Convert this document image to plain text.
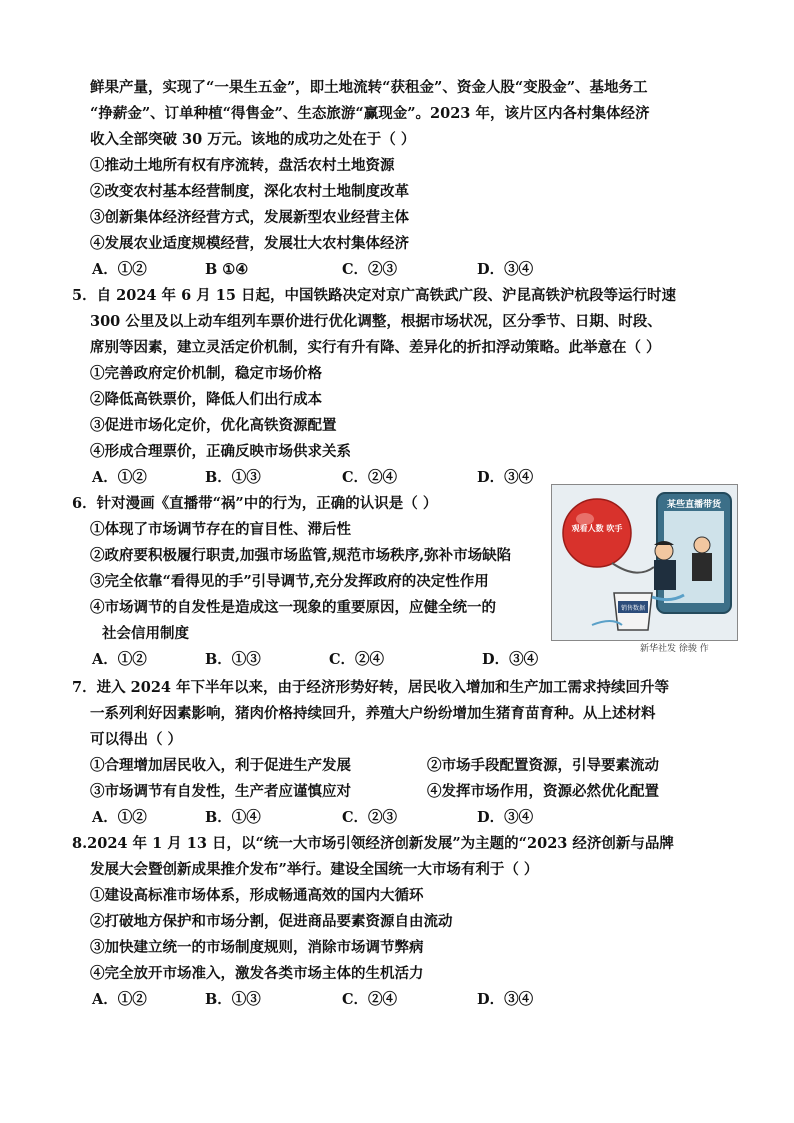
鲜果产量，实现了“一果生五金”，即土地流转“获租金”、资金人股“变股金”、基地务工
“挣薪金”、订单种植“得售金”、生态旅游“赢现金”。2023 年，该片区内各村集体经济
收入全部突破 30 万元。该地的成功之处在于（ ）
①推动土地所有权有序流转，盘活农村土地资源
②改变农村基本经营制度，深化农村土地制度改革
③创新集体经济经营方式，发展新型农业经营主体
④发展农业适度规模经营，发展壮大农村集体经济
A．①②	B ①④	C．②③	D．③④
5．自 2024 年 6 月 15 日起，中国铁路决定对京广高铁武广段、沪昆高铁沪杭段等运行时速
300 公里及以上动车组列车票价进行优化调整，根据市场状况，区分季节、日期、时段、
席别等因素，建立灵活定价机制，实行有升有降、差异化的折扣浮动策略。此举意在（ ）
①完善政府定价机制，稳定市场价格
②降低高铁票价，降低人们出行成本
③促进市场化定价，优化高铁资源配置
④形成合理票价，正确反映市场供求关系
A．①②	B．①③	C．②④	D．③④
6．针对漫画《直播带“祸”中的行为，正确的认识是（ ）
①体现了市场调节存在的盲目性、滞后性
②政府要积极履行职责,加强市场监管,规范市场秩序,弥补市场缺陷
③完全依靠“看得见的手”引导调节,充分发挥政府的决定性作用
④市场调节的自发性是造成这一现象的重要原因，应健全统一的
社会信用制度
A．①②	B．①③	C．②④	D．③④
某些直播带货
观看人数 吹手
销售数据
新华社发 徐骏 作
7．进入 2024 年下半年以来，由于经济形势好转，居民收入增加和生产加工需求持续回升等
一系列利好因素影响，猪肉价格持续回升，养殖大户纷纷增加生猪育苗育种。从上述材料
可以得出（ ）
①合理增加居民收入，利于促进生产发展	②市场手段配置资源，引导要素流动
③市场调节有自发性，生产者应谨慎应对	④发挥市场作用，资源必然优化配置
A．①②	B．①④	C．②③	D．③④
8.2024 年 1 月 13 日，以“统一大市场引领经济创新发展”为主题的“2023 经济创新与品牌
发展大会暨创新成果推介发布”举行。建设全国统一大市场有利于（ ）
①建设高标准市场体系，形成畅通高效的国内大循环
②打破地方保护和市场分割，促进商品要素资源自由流动
③加快建立统一的市场制度规则，消除市场调节弊病
④完全放开市场准入，激发各类市场主体的生机活力
A．①②	B．①③	C．②④	D．③④
